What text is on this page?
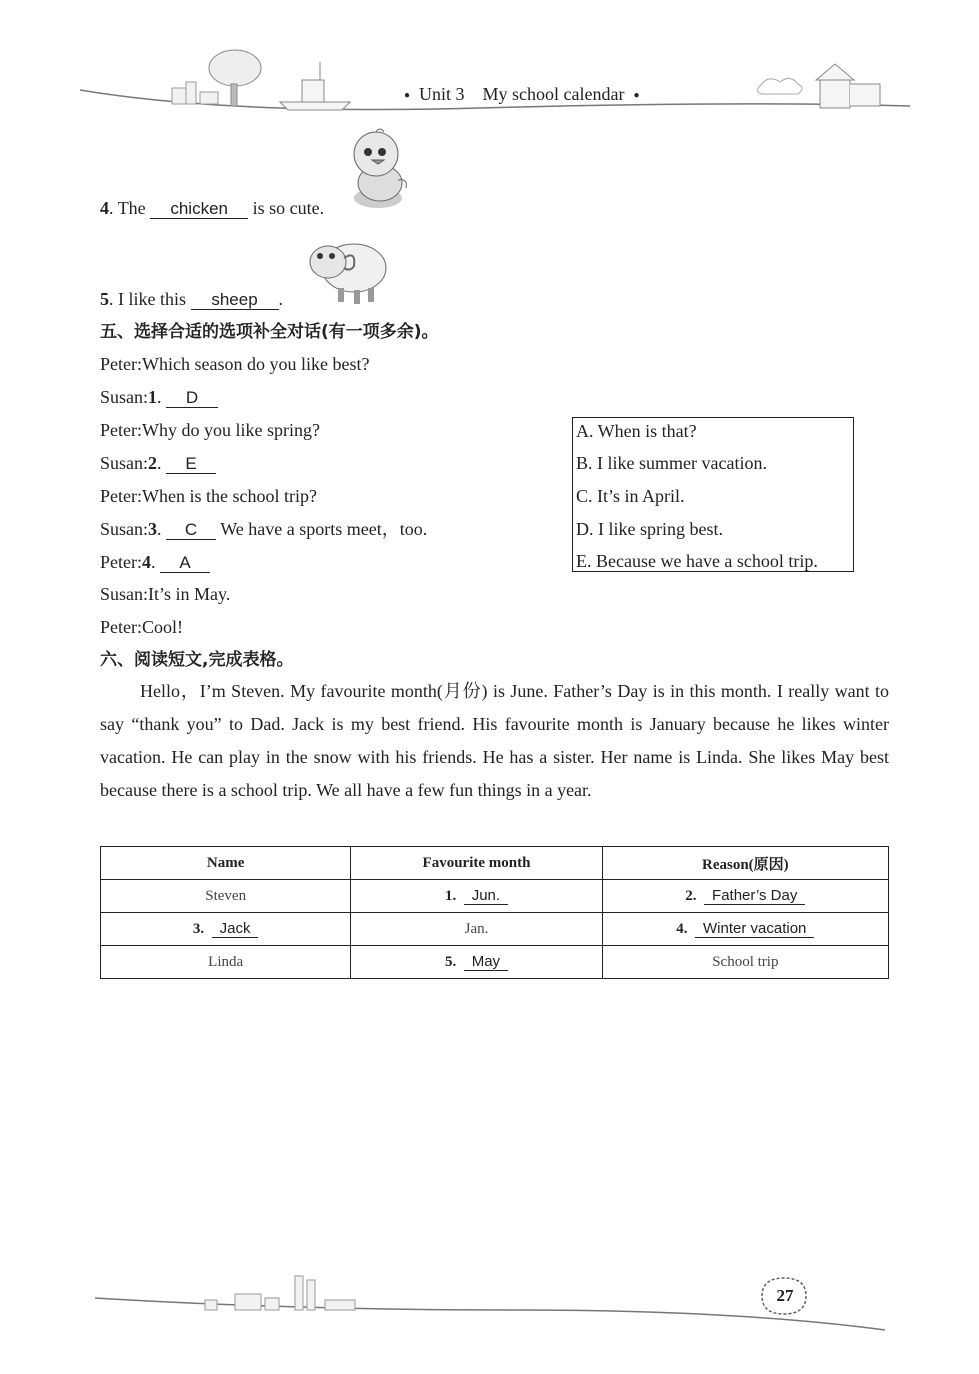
● Unit 3　My school calendar ●
4. The chicken is so cute.
5. I like this sheep .
五、选择合适的选项补全对话(有一项多余)。
Peter:Which season do you like best?
Susan:1. D
Peter:Why do you like spring?
Susan:2. E
Peter:When is the school trip?
Susan:3. C We have a sports meet，too.
Peter:4. A
Susan:It’s in May.
Peter:Cool!
A. When is that?
B. I like summer vacation.
C. It’s in April.
D. I like spring best.
E. Because we have a school trip.
六、阅读短文,完成表格。

Hello，I’m Steven. My favourite month(月份) is June. Father’s Day is in this month. I really want to say “thank you” to Dad. Jack is my best friend. His favourite month is January because he likes winter vacation. He can play in the snow with his friends. He has a sister. Her name is Linda. She likes May best because there is a school trip. We all have a few fun things in a year.

Name	Favourite month	Reason(原因)
Steven	1. Jun.	2. Father’s Day
3. Jack	Jan.	4. Winter vacation
Linda	5. May	School trip
27
